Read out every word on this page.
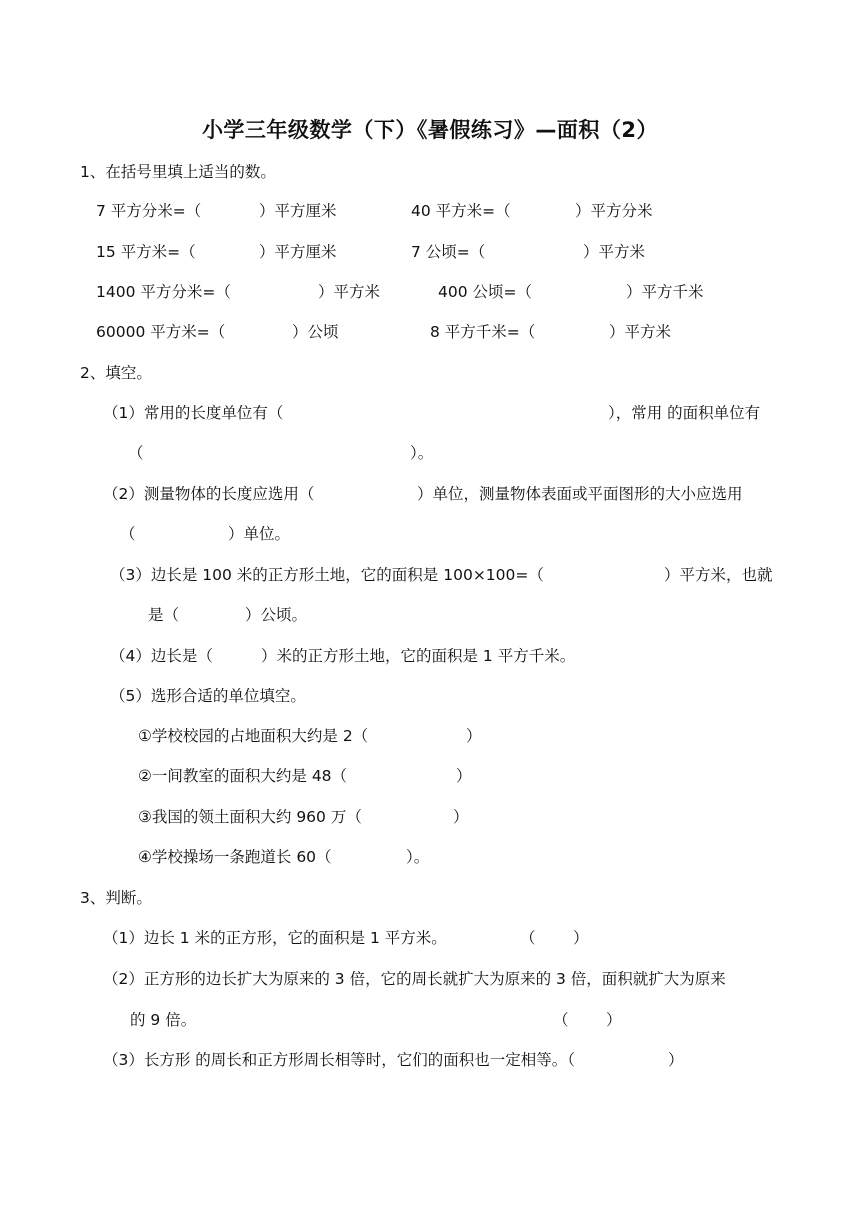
小学三年级数学（下）《暑假练习》—面积（2）
1、在括号里填上适当的数。
7 平方分米=（	）平方厘米	40 平方米=（	）平方分米
15 平方米=（	）平方厘米	7 公顷=（	）平方米
1400 平方分米=（	）平方米	400 公顷=（	）平方千米
60000 平方米=（	）公顷	8 平方千米=（	）平方米
2、填空。
（1）常用的长度单位有（	），常用 的面积单位有
（	）。
（2）测量物体的长度应选用（	）单位，测量物体表面或平面图形的大小应选用
（	）单位。
（3）边长是 100 米的正方形土地，它的面积是 100×100=（	）平方米，也就
是（	）公顷。
（4）边长是（	）米的正方形土地，它的面积是 1 平方千米。
（5）选形合适的单位填空。
①学校校园的占地面积大约是 2（	）
②一间教室的面积大约是 48（	）
③我国的领土面积大约 960 万（	）
④学校操场一条跑道长 60（	）。
3、判断。
（1）边长 1 米的正方形，它的面积是 1 平方米。	（ ）
（2）正方形的边长扩大为原来的 3 倍，它的周长就扩大为原来的 3 倍，面积就扩大为原来
的 9 倍。	（ ）
（3）长方形 的周长和正方形周长相等时，它们的面积也一定相等。（	）
